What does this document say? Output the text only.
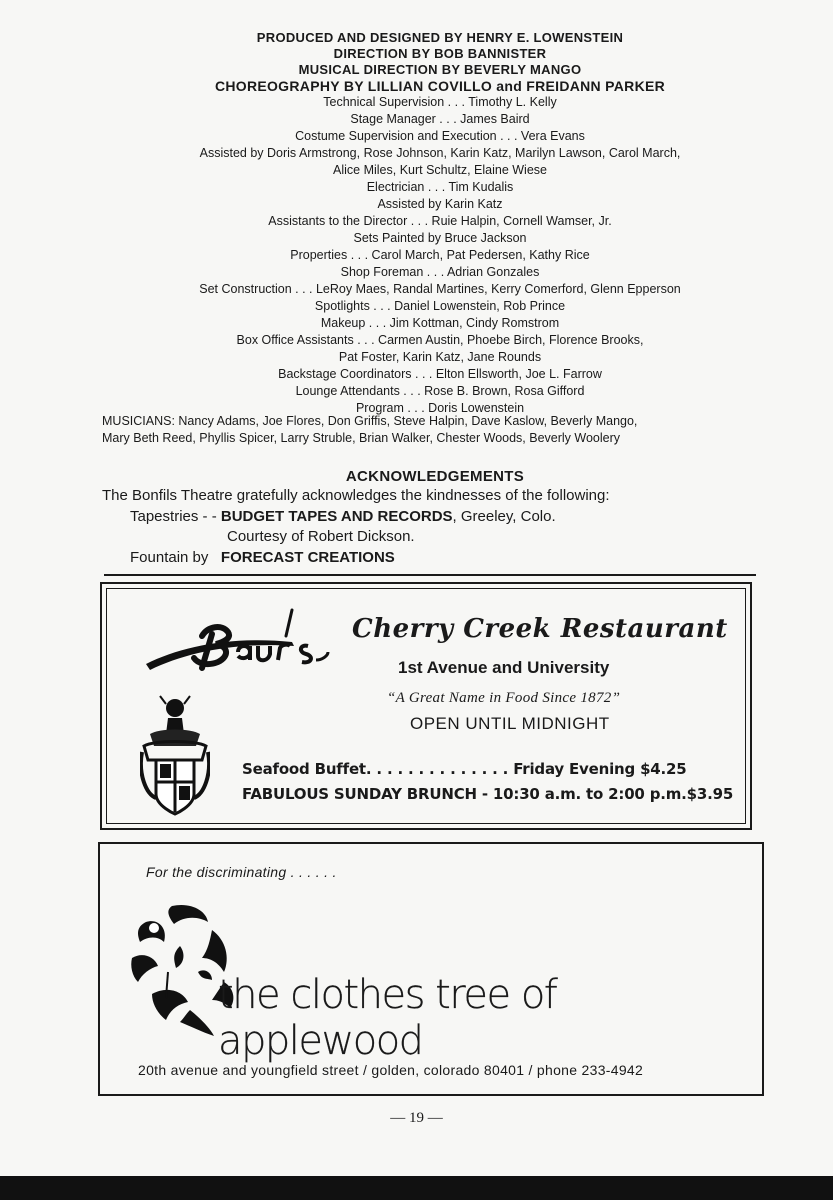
PRODUCED AND DESIGNED BY HENRY E. LOWENSTEIN
DIRECTION BY BOB BANNISTER
MUSICAL DIRECTION BY BEVERLY MANGO
CHOREOGRAPHY BY LILLIAN COVILLO and FREIDANN PARKER
Technical Supervision . . . Timothy L. Kelly
Stage Manager . . . James Baird
Costume Supervision and Execution . . . Vera Evans
Assisted by Doris Armstrong, Rose Johnson, Karin Katz, Marilyn Lawson, Carol March,
Alice Miles, Kurt Schultz, Elaine Wiese
Electrician . . . Tim Kudalis
Assisted by Karin Katz
Assistants to the Director . . . Ruie Halpin, Cornell Wamser, Jr.
Sets Painted by Bruce Jackson
Properties . . . Carol March, Pat Pedersen, Kathy Rice
Shop Foreman . . . Adrian Gonzales
Set Construction . . . LeRoy Maes, Randal Martines, Kerry Comerford, Glenn Epperson
Spotlights . . . Daniel Lowenstein, Rob Prince
Makeup . . . Jim Kottman, Cindy Romstrom
Box Office Assistants . . . Carmen Austin, Phoebe Birch, Florence Brooks,
Pat Foster, Karin Katz, Jane Rounds
Backstage Coordinators . . . Elton Ellsworth, Joe L. Farrow
Lounge Attendants . . . Rose B. Brown, Rosa Gifford
Program . . . Doris Lowenstein
MUSICIANS: Nancy Adams, Joe Flores, Don Griffis, Steve Halpin, Dave Kaslow, Beverly Mango,
Mary Beth Reed, Phyllis Spicer, Larry Struble, Brian Walker, Chester Woods, Beverly Woolery
ACKNOWLEDGEMENTS
The Bonfils Theatre gratefully acknowledges the kindnesses of the following:
Tapestries - - BUDGET TAPES AND RECORDS, Greeley, Colo.
Courtesy of Robert Dickson.
Fountain by   FORECAST CREATIONS
Cherry Creek Restaurant
1st Avenue and University
“A Great Name in Food Since 1872”
OPEN UNTIL MIDNIGHT
Seafood Buffet. . . . . . . . . . . . . . Friday Evening $4.25
FABULOUS SUNDAY BRUNCH - 10:30 a.m. to 2:00 p.m.$3.95
For the discriminating . . . . . .
the clothes tree of applewood
20th avenue and youngfield street / golden, colorado 80401 / phone 233-4942
— 19 —
